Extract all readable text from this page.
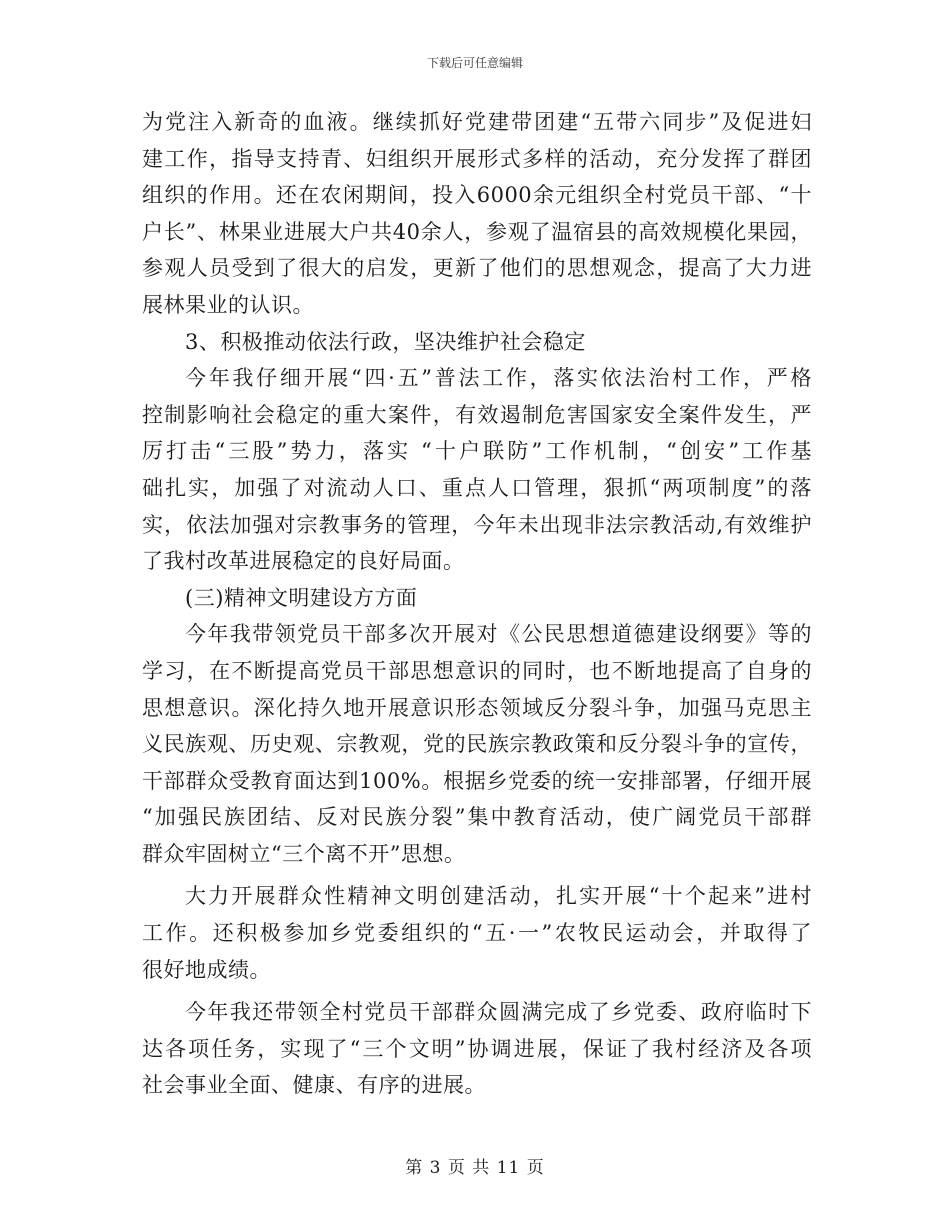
下载后可任意编辑
为党注入新奇的血液。继续抓好党建带团建“五带六同步”及促进妇
建工作，指导支持青、妇组织开展形式多样的活动，充分发挥了群团
组织的作用。还在农闲期间，投入6000余元组织全村党员干部、“十
户长”、林果业进展大户共40余人，参观了温宿县的高效规模化果园，
参观人员受到了很大的启发，更新了他们的思想观念，提高了大力进
展林果业的认识。
3、积极推动依法行政，坚决维护社会稳定
今年我仔细开展“四·五”普法工作，落实依法治村工作，严格
控制影响社会稳定的重大案件，有效遏制危害国家安全案件发生，严
厉打击“三股”势力，落实 “十户联防”工作机制，“创安”工作基
础扎实，加强了对流动人口、重点人口管理，狠抓“两项制度”的落
实，依法加强对宗教事务的管理，今年未出现非法宗教活动,有效维护
了我村改革进展稳定的良好局面。
(三)精神文明建设方方面
今年我带领党员干部多次开展对《公民思想道德建设纲要》等的
学习，在不断提高党员干部思想意识的同时，也不断地提高了自身的
思想意识。深化持久地开展意识形态领域反分裂斗争，加强马克思主
义民族观、历史观、宗教观，党的民族宗教政策和反分裂斗争的宣传，
干部群众受教育面达到100%。根据乡党委的统一安排部署，仔细开展
“加强民族团结、反对民族分裂”集中教育活动，使广阔党员干部群
群众牢固树立“三个离不开”思想。
大力开展群众性精神文明创建活动，扎实开展“十个起来”进村
工作。还积极参加乡党委组织的“五·一”农牧民运动会，并取得了
很好地成绩。
今年我还带领全村党员干部群众圆满完成了乡党委、政府临时下
达各项任务，实现了“三个文明”协调进展，保证了我村经济及各项
社会事业全面、健康、有序的进展。
第 3 页 共 11 页
